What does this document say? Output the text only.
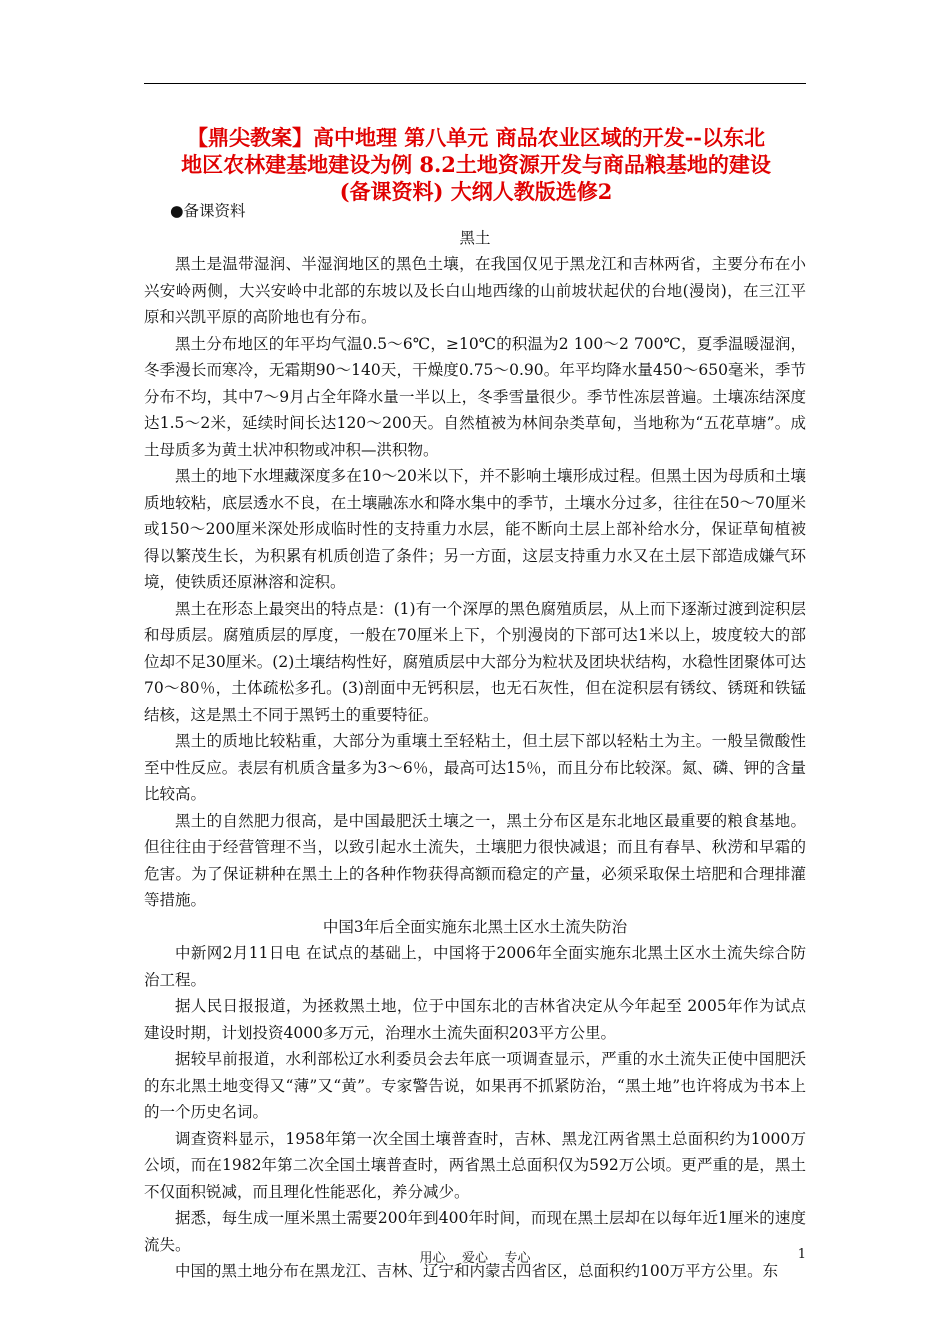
【鼎尖教案】高中地理 第八单元 商品农业区域的开发--以东北
地区农林建基地建设为例 8.2土地资源开发与商品粮基地的建设
(备课资料) 大纲人教版选修2

●备课资料

黑土

黑土是温带湿润、半湿润地区的黑色土壤，在我国仅见于黑龙江和吉林两省，主要分布在小兴安岭两侧，大兴安岭中北部的东坡以及长白山地西缘的山前坡状起伏的台地(漫岗)，在三江平原和兴凯平原的高阶地也有分布。

黑土分布地区的年平均气温0.5～6℃，≥10℃的积温为2 100～2 700℃，夏季温暖湿润，冬季漫长而寒冷，无霜期90～140天，干燥度0.75～0.90。年平均降水量450～650毫米，季节分布不均，其中7～9月占全年降水量一半以上，冬季雪量很少。季节性冻层普遍。土壤冻结深度达1.5～2米，延续时间长达120～200天。自然植被为林间杂类草甸，当地称为“五花草塘”。成土母质多为黄土状冲积物或冲积—洪积物。

黑土的地下水埋藏深度多在10～20米以下，并不影响土壤形成过程。但黑土因为母质和土壤质地较粘，底层透水不良，在土壤融冻水和降水集中的季节，土壤水分过多，往往在50～70厘米或150～200厘米深处形成临时性的支持重力水层，能不断向土层上部补给水分，保证草甸植被得以繁茂生长，为积累有机质创造了条件；另一方面，这层支持重力水又在土层下部造成嫌气环境，使铁质还原淋溶和淀积。

黑土在形态上最突出的特点是：(1)有一个深厚的黑色腐殖质层，从上而下逐渐过渡到淀积层和母质层。腐殖质层的厚度，一般在70厘米上下，个别漫岗的下部可达1米以上，坡度较大的部位却不足30厘米。(2)土壤结构性好，腐殖质层中大部分为粒状及团块状结构，水稳性团聚体可达70～80％，土体疏松多孔。(3)剖面中无钙积层，也无石灰性，但在淀积层有锈纹、锈斑和铁锰结核，这是黑土不同于黑钙土的重要特征。

黑土的质地比较粘重，大部分为重壤土至轻粘土，但土层下部以轻粘土为主。一般呈微酸性至中性反应。表层有机质含量多为3～6％，最高可达15％，而且分布比较深。氮、磷、钾的含量比较高。

黑土的自然肥力很高，是中国最肥沃土壤之一，黑土分布区是东北地区最重要的粮食基地。但往往由于经营管理不当，以致引起水土流失，土壤肥力很快减退；而且有春旱、秋涝和早霜的危害。为了保证耕种在黑土上的各种作物获得高额而稳定的产量，必须采取保土培肥和合理排灌等措施。

中国3年后全面实施东北黑土区水土流失防治

中新网2月11日电 在试点的基础上，中国将于2006年全面实施东北黑土区水土流失综合防治工程。

据人民日报报道，为拯救黑土地，位于中国东北的吉林省决定从今年起至 2005年作为试点建设时期，计划投资4000多万元，治理水土流失面积203平方公里。

据较早前报道，水利部松辽水利委员会去年底一项调查显示，严重的水土流失正使中国肥沃的东北黑土地变得又“薄”又“黄”。专家警告说，如果再不抓紧防治，“黑土地”也许将成为书本上的一个历史名词。

调查资料显示，1958年第一次全国土壤普查时，吉林、黑龙江两省黑土总面积约为1000万公顷，而在1982年第二次全国土壤普查时，两省黑土总面积仅为592万公顷。更严重的是，黑土不仅面积锐减，而且理化性能恶化，养分减少。

据悉，每生成一厘米黑土需要200年到400年时间，而现在黑土层却在以每年近1厘米的速度流失。

中国的黑土地分布在黑龙江、吉林、辽宁和内蒙古四省区，总面积约100万平方公里。东

用心    爱心    专心	1
